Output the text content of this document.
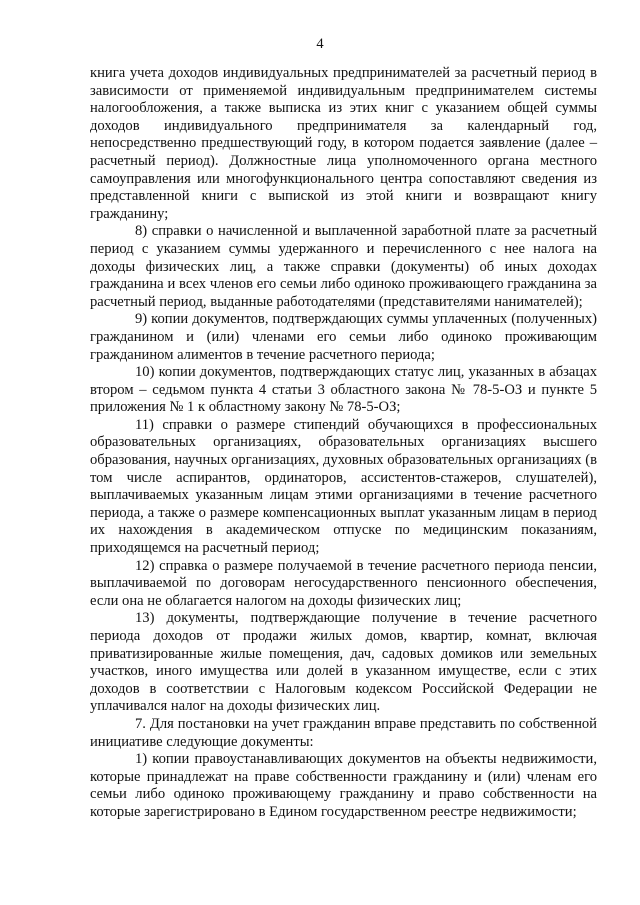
4

книга учета доходов индивидуальных предпринимателей за расчетный период в зависимости от применяемой индивидуальным предпринимателем системы налогообложения, а также выписка из этих книг с указанием общей суммы доходов индивидуального предпринимателя за календарный год, непосредственно предшествующий году, в котором подается заявление (далее – расчетный период). Должностные лица уполномоченного органа местного самоуправления или многофункционального центра сопоставляют сведения из представленной книги с выпиской из этой книги и возвращают книгу гражданину;

8) справки о начисленной и выплаченной заработной плате за расчетный период с указанием суммы удержанного и перечисленного с нее налога на доходы физических лиц, а также справки (документы) об иных доходах гражданина и всех членов его семьи либо одиноко проживающего гражданина за расчетный период, выданные работодателями (представителями нанимателей);

9) копии документов, подтверждающих суммы уплаченных (полученных) гражданином и (или) членами его семьи либо одиноко проживающим гражданином алиментов в течение расчетного периода;

10) копии документов, подтверждающих статус лиц, указанных в абзацах втором – седьмом пункта 4 статьи 3 областного закона № 78-5-ОЗ и пункте 5 приложения № 1 к областному закону № 78-5-ОЗ;

11) справки о размере стипендий обучающихся в профессиональных образовательных организациях, образовательных организациях высшего образования, научных организациях, духовных образовательных организациях (в том числе аспирантов, ординаторов, ассистентов-стажеров, слушателей), выплачиваемых указанным лицам этими организациями в течение расчетного периода, а также о размере компенсационных выплат указанным лицам в период их нахождения в академическом отпуске по медицинским показаниям, приходящемся на расчетный период;

12) справка о размере получаемой в течение расчетного периода пенсии, выплачиваемой по договорам негосударственного пенсионного обеспечения, если она не облагается налогом на доходы физических лиц;

13) документы, подтверждающие получение в течение расчетного периода доходов от продажи жилых домов, квартир, комнат, включая приватизированные жилые помещения, дач, садовых домиков или земельных участков, иного имущества или долей в указанном имуществе, если с этих доходов в соответствии с Налоговым кодексом Российской Федерации не уплачивался налог на доходы физических лиц.

7. Для постановки на учет гражданин вправе представить по собственной инициативе следующие документы:

1) копии правоустанавливающих документов на объекты недвижимости, которые принадлежат на праве собственности гражданину и (или) членам его семьи либо одиноко проживающему гражданину и право собственности на которые зарегистрировано в Едином государственном реестре недвижимости;
